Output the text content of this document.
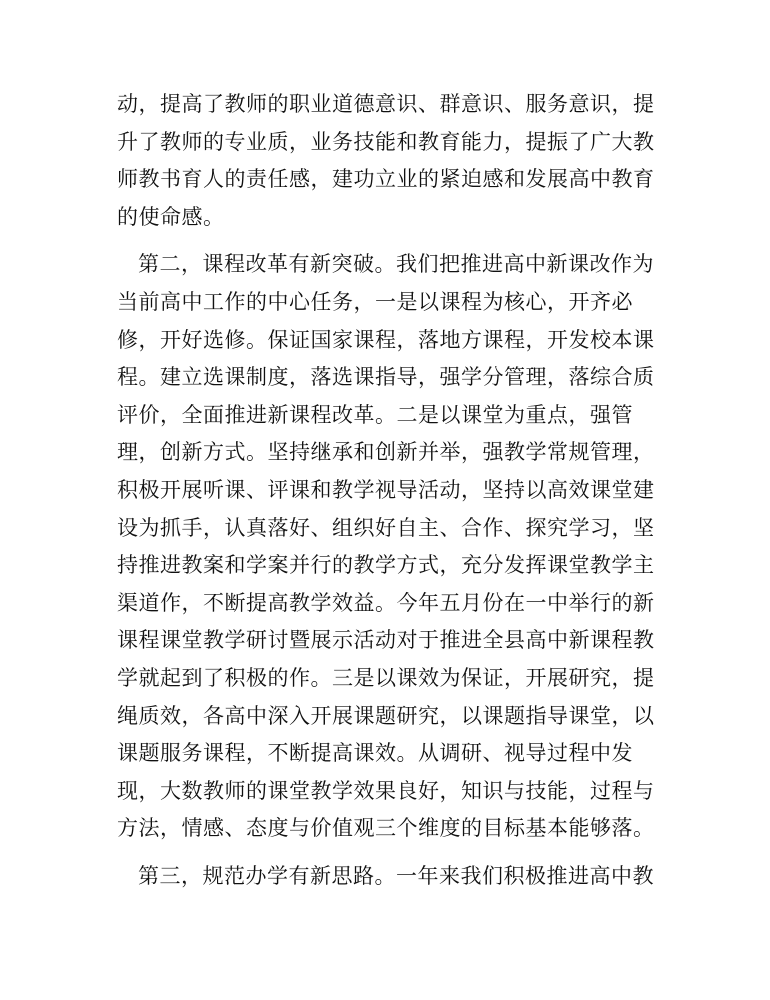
动，提高了教师的职业道德意识、群意识、服务意识，提
升了教师的专业质，业务技能和教育能力，提振了广大教
师教书育人的责任感，建功立业的紧迫感和发展高中教育
的使命感。
第二，课程改革有新突破。我们把推进高中新课改作为
当前高中工作的中心任务，一是以课程为核心，开齐必
修，开好选修。保证国家课程，落地方课程，开发校本课
程。建立选课制度，落选课指导，强学分管理，落综合质
评价，全面推进新课程改革。二是以课堂为重点，强管
理，创新方式。坚持继承和创新并举，强教学常规管理，
积极开展听课、评课和教学视导活动，坚持以高效课堂建
设为抓手，认真落好、组织好自主、合作、探究学习，坚
持推进教案和学案并行的教学方式，充分发挥课堂教学主
渠道作，不断提高教学效益。今年五月份在一中举行的新
课程课堂教学研讨暨展示活动对于推进全县高中新课程教
学就起到了积极的作。三是以课效为保证，开展研究，提
绳质效，各高中深入开展课题研究，以课题指导课堂，以
课题服务课程，不断提高课效。从调研、视导过程中发
现，大数教师的课堂教学效果良好，知识与技能，过程与
方法，情感、态度与价值观三个维度的目标基本能够落。
第三，规范办学有新思路。一年来我们积极推进高中教
